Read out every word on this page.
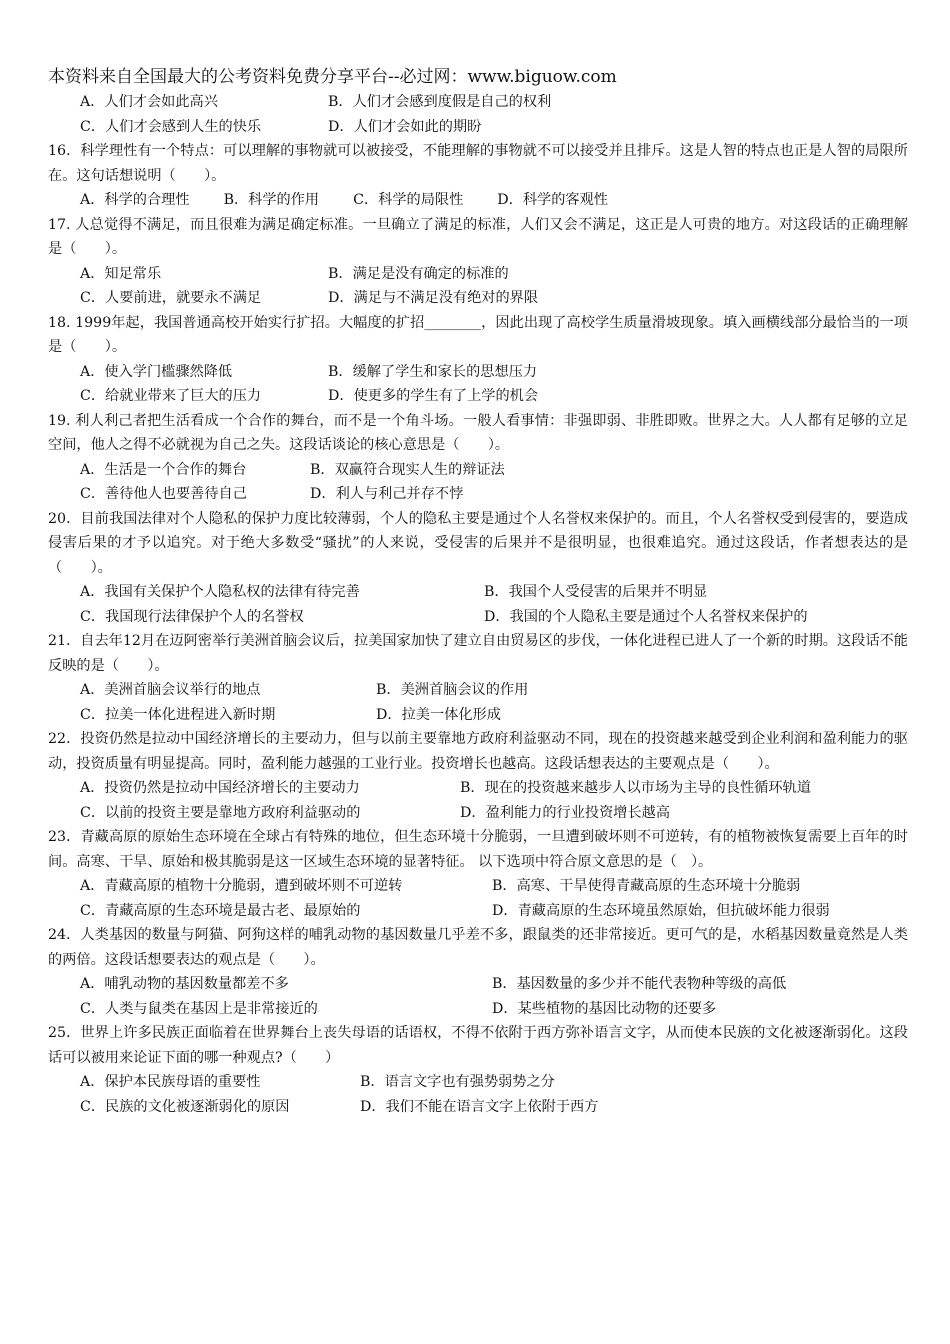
本资料来自全国最大的公考资料免费分享平台--必过网：www.biguow.com
A．人们才会如此高兴	B．人们才会感到度假是自己的权利
C．人们才会感到人生的快乐	D．人们才会如此的期盼
16．科学理性有一个特点：可以理解的事物就可以被接受，不能理解的事物就不可以接受并且排斥。这是人智的特点也正是人智的局限所在。这句话想说明（　　）。
A．科学的合理性 B．科学的作用 C．科学的局限性 D．科学的客观性
17. 人总觉得不满足，而且很难为满足确定标准。一旦确立了满足的标准，人们又会不满足，这正是人可贵的地方。对这段话的正确理解是（　　）。
A．知足常乐	B．满足是没有确定的标准的
C．人要前进，就要永不满足	D．满足与不满足没有绝对的界限
18. 1999年起，我国普通高校开始实行扩招。大幅度的扩招________，因此出现了高校学生质量滑坡现象。填入画横线部分最恰当的一项是（　　）。
A．使入学门槛骤然降低	B．缓解了学生和家长的思想压力
C．给就业带来了巨大的压力	D．使更多的学生有了上学的机会
19. 利人利己者把生活看成一个合作的舞台，而不是一个角斗场。一般人看事情：非强即弱、非胜即败。世界之大。人人都有足够的立足空间，他人之得不必就视为自己之失。这段话谈论的核心意思是（　　）。
A．生活是一个合作的舞台	B．双赢符合现实人生的辩证法
C．善待他人也要善待自己	D．利人与利己并存不悖
20．目前我国法律对个人隐私的保护力度比较薄弱，个人的隐私主要是通过个人名誉权来保护的。而且，个人名誉权受到侵害的，要造成侵害后果的才予以追究。对于绝大多数受“骚扰”的人来说，受侵害的后果并不是很明显，也很难追究。通过这段话，作者想表达的是（　　）。
A．我国有关保护个人隐私权的法律有待完善	B．我国个人受侵害的后果并不明显
C．我国现行法律保护个人的名誉权	D．我国的个人隐私主要是通过个人名誉权来保护的
21．自去年12月在迈阿密举行美洲首脑会议后，拉美国家加快了建立自由贸易区的步伐，一体化进程已进人了一个新的时期。这段话不能反映的是（　　）。
A．美洲首脑会议举行的地点	B．美洲首脑会议的作用
C．拉美一体化进程进入新时期	D．拉美一体化形成
22．投资仍然是拉动中国经济增长的主要动力，但与以前主要靠地方政府利益驱动不同，现在的投资越来越受到企业利润和盈利能力的驱动，投资质量有明显提高。同时，盈利能力越强的工业行业。投资增长也越高。这段话想表达的主要观点是（　　）。
A．投资仍然是拉动中国经济增长的主要动力	B．现在的投资越来越步人以市场为主导的良性循环轨道
C．以前的投资主要是靠地方政府利益驱动的	D．盈利能力的行业投资增长越高
23．青藏高原的原始生态环境在全球占有特殊的地位，但生态环境十分脆弱，一旦遭到破坏则不可逆转，有的植物被恢复需要上百年的时间。高寒、干旱、原始和极其脆弱是这一区域生态环境的显著特征。 以下选项中符合原文意思的是（　）。
A．青藏高原的植物十分脆弱，遭到破坏则不可逆转	B．高寒、干旱使得青藏高原的生态环境十分脆弱
C．青藏高原的生态环境是最古老、最原始的	D．青藏高原的生态环境虽然原始，但抗破坏能力很弱
24．人类基因的数量与阿猫、阿狗这样的哺乳动物的基因数量几乎差不多，跟鼠类的还非常接近。更可气的是，水稻基因数量竟然是人类的两倍。这段话想要表达的观点是（　　）。
A．哺乳动物的基因数量都差不多	B．基因数量的多少并不能代表物种等级的高低
C．人类与鼠类在基因上是非常接近的	D．某些植物的基因比动物的还要多
25．世界上许多民族正面临着在世界舞台上丧失母语的话语权，不得不依附于西方弥补语言文字，从而使本民族的文化被逐渐弱化。这段话可以被用来论证下面的哪一种观点?（　　）
A．保护本民族母语的重要性	B．语言文字也有强势弱势之分
C．民族的文化被逐渐弱化的原因	D．我们不能在语言文字上依附于西方
